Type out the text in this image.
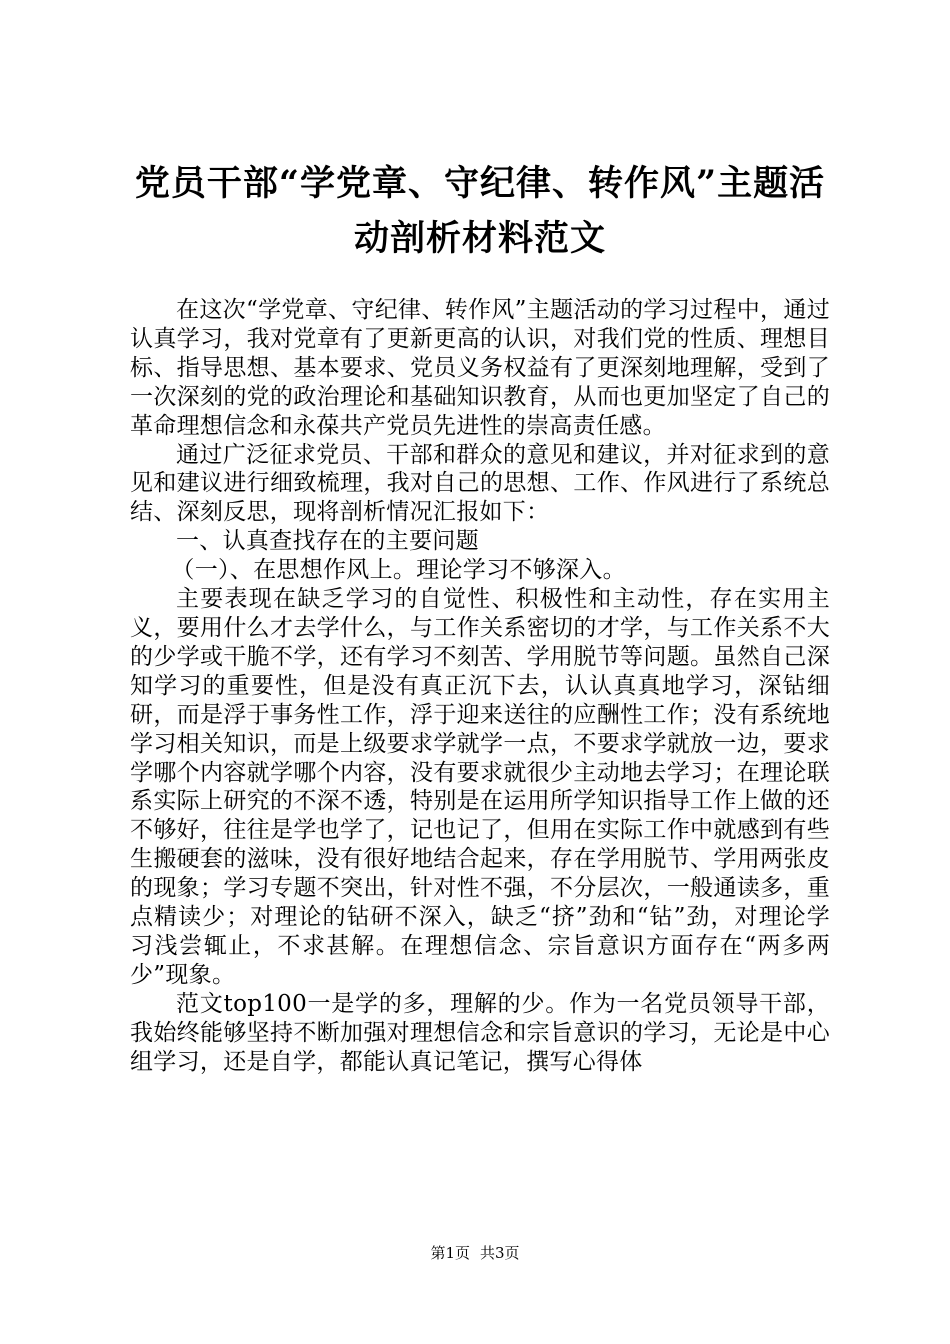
党员干部“学党章、守纪律、转作风”主题活
动剖析材料范文

在这次“学党章、守纪律、转作风”主题活动的学习过程中，通过认真学习，我对党章有了更新更高的认识，对我们党的性质、理想目标、指导思想、基本要求、党员义务权益有了更深刻地理解，受到了一次深刻的党的政治理论和基础知识教育，从而也更加坚定了自己的革命理想信念和永葆共产党员先进性的崇高责任感。

通过广泛征求党员、干部和群众的意见和建议，并对征求到的意见和建议进行细致梳理，我对自己的思想、工作、作风进行了系统总结、深刻反思，现将剖析情况汇报如下：

一、认真查找存在的主要问题

（一）、在思想作风上。理论学习不够深入。

主要表现在缺乏学习的自觉性、积极性和主动性，存在实用主义，要用什么才去学什么，与工作关系密切的才学，与工作关系不大的少学或干脆不学，还有学习不刻苦、学用脱节等问题。虽然自己深知学习的重要性，但是没有真正沉下去，认认真真地学习，深钻细研，而是浮于事务性工作，浮于迎来送往的应酬性工作；没有系统地学习相关知识，而是上级要求学就学一点，不要求学就放一边，要求学哪个内容就学哪个内容，没有要求就很少主动地去学习；在理论联系实际上研究的不深不透，特别是在运用所学知识指导工作上做的还不够好，往往是学也学了，记也记了，但用在实际工作中就感到有些生搬硬套的滋味，没有很好地结合起来，存在学用脱节、学用两张皮的现象；学习专题不突出，针对性不强，不分层次，一般通读多，重点精读少；对理论的钻研不深入，缺乏“挤”劲和“钻”劲，对理论学习浅尝辄止，不求甚解。在理想信念、宗旨意识方面存在“两多两少”现象。

范文top100一是学的多，理解的少。作为一名党员领导干部，我始终能够坚持不断加强对理想信念和宗旨意识的学习，无论是中心组学习，还是自学，都能认真记笔记，撰写心得体

第1页 共3页
